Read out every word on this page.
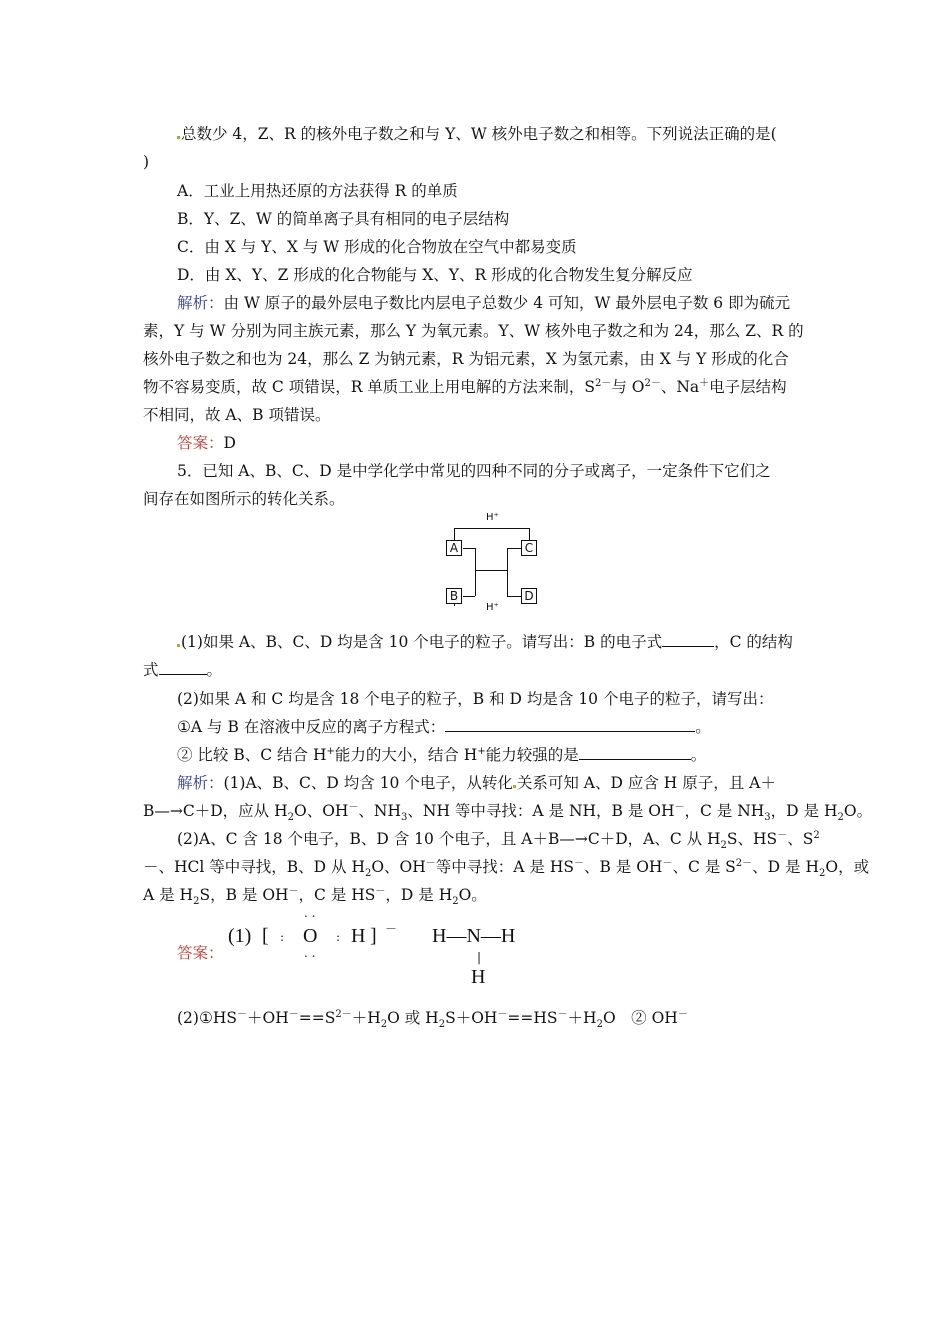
总数少 4，Z、R 的核外电子数之和与 Y、W 核外电子数之和相等。下列说法正确的是(
)
A．工业上用热还原的方法获得 R 的单质
B．Y、Z、W 的简单离子具有相同的电子层结构
C．由 X 与 Y、X 与 W 形成的化合物放在空气中都易变质
D．由 X、Y、Z 形成的化合物能与 X、Y、R 形成的化合物发生复分解反应
解析：由 W 原子的最外层电子数比内层电子总数少 4 可知，W 最外层电子数 6 即为硫元
素，Y 与 W 分别为同主族元素，那么 Y 为氧元素。Y、W 核外电子数之和为 24，那么 Z、R 的
核外电子数之和也为 24，那么 Z 为钠元素，R 为铝元素，X 为氢元素，由 X 与 Y 形成的化合
物不容易变质，故 C 项错误，R 单质工业上用电解的方法来制，$S^{2-}$与 $O^{2-}$、Na＋电子层结构
不相同，故 A、B 项错误。
答案：D
5．已知 A、B、C、D 是中学化学中常见的四种不同的分子或离子，一定条件下它们之
间存在如图所示的转化关系。
H⁺
A	C
B	D
H⁺
(1)如果 A、B、C、D 均是含 10 个电子的粒子。请写出：B 的电子式	，C 的结构
式	。
(2)如果 A 和 C 均是含 18 个电子的粒子，B 和 D 均是含 10 个电子的粒子，请写出：
①A 与 B 在溶液中反应的离子方程式：	。
② 比较 B、C 结合 H+能力的大小，结合 H+能力较强的是	。
解析：(1)A、B、C、D 均含 10 个电子，从转化 关系可知 A、D 应含 H 原子，且 A＋
B—→C＋D，应从 $H_2O$、OH－、$NH_3$、NH 等中寻找：A 是 NH，B 是 OH－，C 是 $NH_3$，D 是 $H_2O$。
(2)A、C 含 18 个电子，B、D 含 10 个电子，且 A＋B—→C＋D，A、C 从 $H_2S$、HS－、$S^2$
－、HCl 等中寻找，B、D 从 $H_2O$、OH－等中寻找：A 是 HS－、B 是 OH－、C 是 $S^{2-}$、D 是 $H_2O$，或
A 是 $H_2S$，B 是 OH－，C 是 HS－，D 是 $H_2O$。
答案：
(1) [ :
. .
O
. .
: H ] － H—N—H
|
H
$(2)①HS^-+OH^-==S^{2-}+H_2O$ 或 $H_2S+OH^-==HS^-+H_2O$　② OH－
